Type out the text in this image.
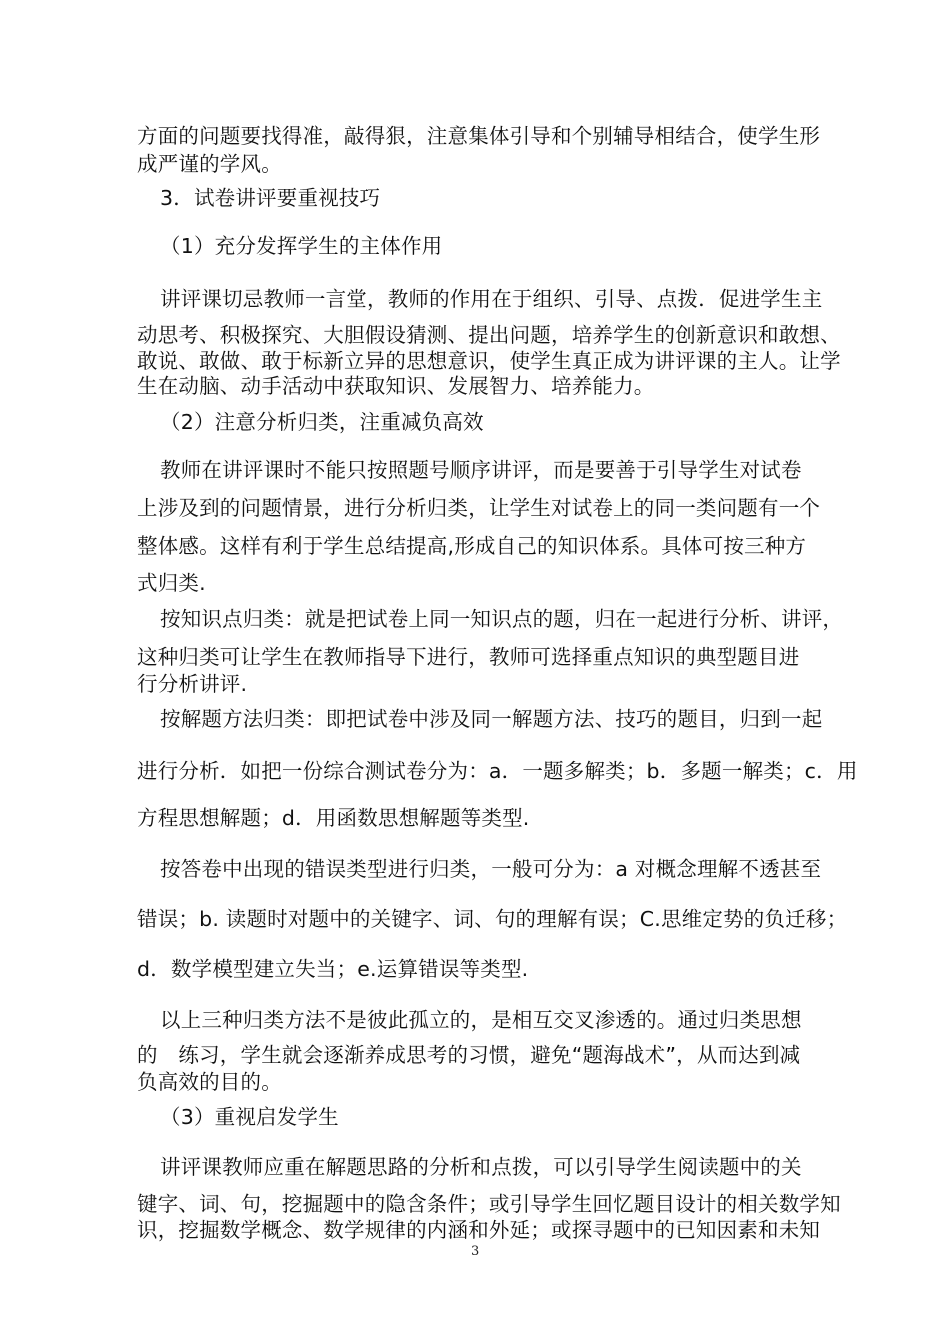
方面的问题要找得准，敲得狠，注意集体引导和个别辅导相结合，使学生形
成严谨的学风。
3．试卷讲评要重视技巧
（1）充分发挥学生的主体作用
讲评课切忌教师一言堂，教师的作用在于组织、引导、点拨．促进学生主
动思考、积极探究、大胆假设猜测、提出问题，培养学生的创新意识和敢想、
敢说、敢做、敢于标新立异的思想意识，使学生真正成为讲评课的主人。让学
生在动脑、动手活动中获取知识、发展智力、培养能力。
（2）注意分析归类，注重减负高效
教师在讲评课时不能只按照题号顺序讲评，而是要善于引导学生对试卷
上涉及到的问题情景，进行分析归类，让学生对试卷上的同一类问题有一个
整体感。这样有利于学生总结提高,形成自己的知识体系。具体可按三种方
式归类.
按知识点归类：就是把试卷上同一知识点的题，归在一起进行分析、讲评，
这种归类可让学生在教师指导下进行，教师可选择重点知识的典型题目进
行分析讲评.
按解题方法归类：即把试卷中涉及同一解题方法、技巧的题目，归到一起
进行分析．如把一份综合测试卷分为：a．一题多解类；b．多题一解类；c．用
方程思想解题；d．用函数思想解题等类型.
按答卷中出现的错误类型进行归类，一般可分为：a 对概念理解不透甚至
错误；b. 读题时对题中的关键字、词、句的理解有误；C.思维定势的负迁移；
d．数学模型建立失当；e.运算错误等类型.
以上三种归类方法不是彼此孤立的，是相互交叉渗透的。通过归类思想
的　练习，学生就会逐渐养成思考的习惯，避免“题海战术”，从而达到减
负高效的目的。
（3）重视启发学生
讲评课教师应重在解题思路的分析和点拨，可以引导学生阅读题中的关
键字、词、句，挖掘题中的隐含条件；或引导学生回忆题目设计的相关数学知
识，挖掘数学概念、数学规律的内涵和外延；或探寻题中的已知因素和未知
3
